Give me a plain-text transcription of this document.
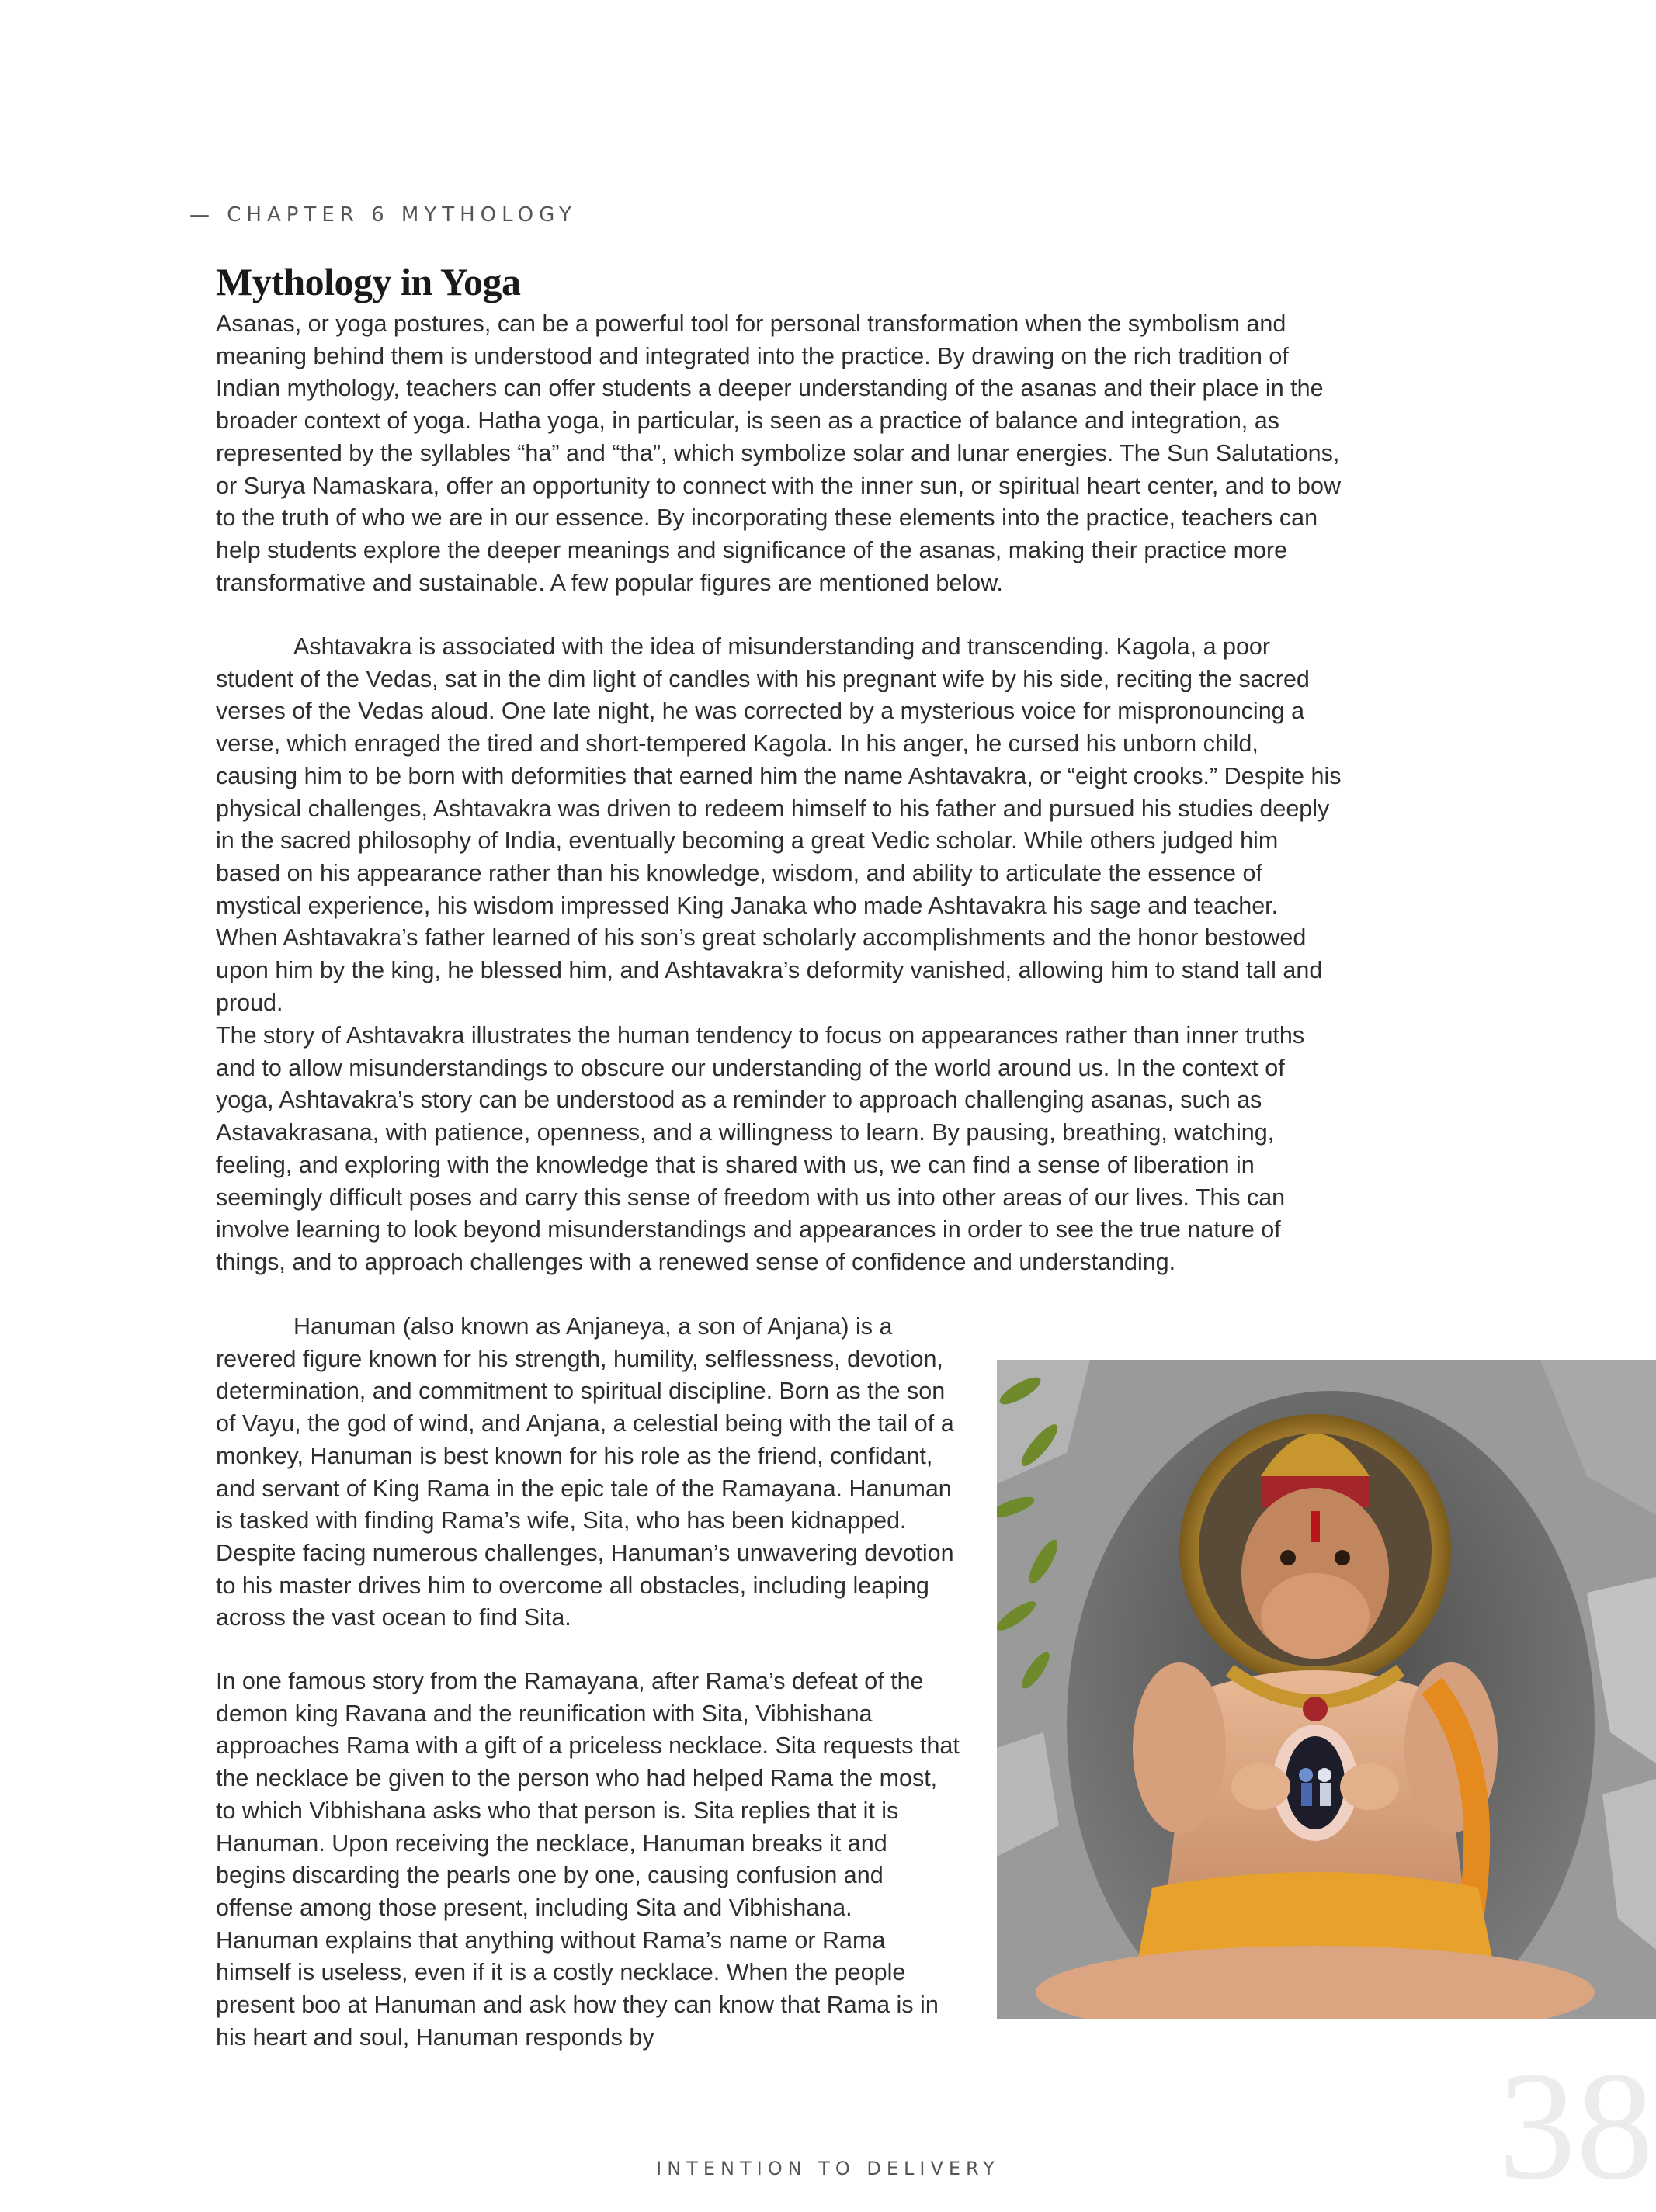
— CHAPTER 6 MYTHOLOGY
Mythology in Yoga

Asanas, or yoga postures, can be a powerful tool for personal transformation when the symbolism and meaning behind them is understood and integrated into the practice. By drawing on the rich tradition of Indian mythology, teachers can offer students a deeper understanding of the asanas and their place in the broader context of yoga. Hatha yoga, in particular, is seen as a practice of balance and integration, as represented by the syllables “ha” and “tha”, which symbolize solar and lunar energies. The Sun Salutations, or Surya Namaskara, offer an opportunity to connect with the inner sun, or spiritual heart center, and to bow to the truth of who we are in our essence. By incorporating these elements into the practice, teachers can help students explore the deeper meanings and significance of the asanas, making their practice more transformative and sustainable. A few popular figures are mentioned below.

Ashtavakra is associated with the idea of misunderstanding and transcending. Kagola, a poor student of the Vedas, sat in the dim light of candles with his pregnant wife by his side, reciting the sacred verses of the Vedas aloud. One late night, he was corrected by a mysterious voice for mispronouncing a verse, which enraged the tired and short-tempered Kagola. In his anger, he cursed his unborn child, causing him to be born with deformities that earned him the name Ashtavakra, or “eight crooks.” Despite his physical challenges, Ashtavakra was driven to redeem himself to his father and pursued his studies deeply in the sacred philosophy of India, eventually becoming a great Vedic scholar. While others judged him based on his appearance rather than his knowledge, wisdom, and ability to articulate the essence of mystical experience, his wisdom impressed King Janaka who made Ashtavakra his sage and teacher. When Ashtavakra’s father learned of his son’s great scholarly accomplishments and the honor bestowed upon him by the king, he blessed him, and Ashtavakra’s deformity vanished, allowing him to stand tall and proud.

The story of Ashtavakra illustrates the human tendency to focus on appearances rather than inner truths and to allow misunderstandings to obscure our understanding of the world around us. In the context of yoga, Ashtavakra’s story can be understood as a reminder to approach challenging asanas, such as Astavakrasana, with patience, openness, and a willingness to learn. By pausing, breathing, watching, feeling, and exploring with the knowledge that is shared with us, we can find a sense of liberation in seemingly difficult poses and carry this sense of freedom with us into other areas of our lives. This can involve learning to look beyond misunderstandings and appearances in order to see the true nature of things, and to approach challenges with a renewed sense of confidence and understanding.

Hanuman (also known as Anjaneya, a son of Anjana) is a revered figure known for his strength, humility, selflessness, devotion, determination, and commitment to spiritual discipline. Born as the son of Vayu, the god of wind, and Anjana, a celestial being with the tail of a monkey, Hanuman is best known for his role as the friend, confidant, and servant of King Rama in the epic tale of the Ramayana. Hanuman is tasked with finding Rama’s wife, Sita, who has been kidnapped. Despite facing numerous challenges, Hanuman’s unwavering devotion to his master drives him to overcome all obstacles, including leaping across the vast ocean to find Sita.

In one famous story from the Ramayana, after Rama’s defeat of the demon king Ravana and the reunification with Sita, Vibhishana approaches Rama with a gift of a priceless necklace. Sita requests that the necklace be given to the person who had helped Rama the most, to which Vibhishana asks who that person is. Sita replies that it is Hanuman. Upon receiving the necklace, Hanuman breaks it and begins discarding the pearls one by one, causing confusion and offense among those present, including Sita and Vibhishana. Hanuman explains that anything without Rama’s name or Rama himself is useless, even if it is a costly necklace. When the people present boo at Hanuman and ask how they can know that Rama is in his heart and soul, Hanuman responds by

38
INTENTION TO DELIVERY
